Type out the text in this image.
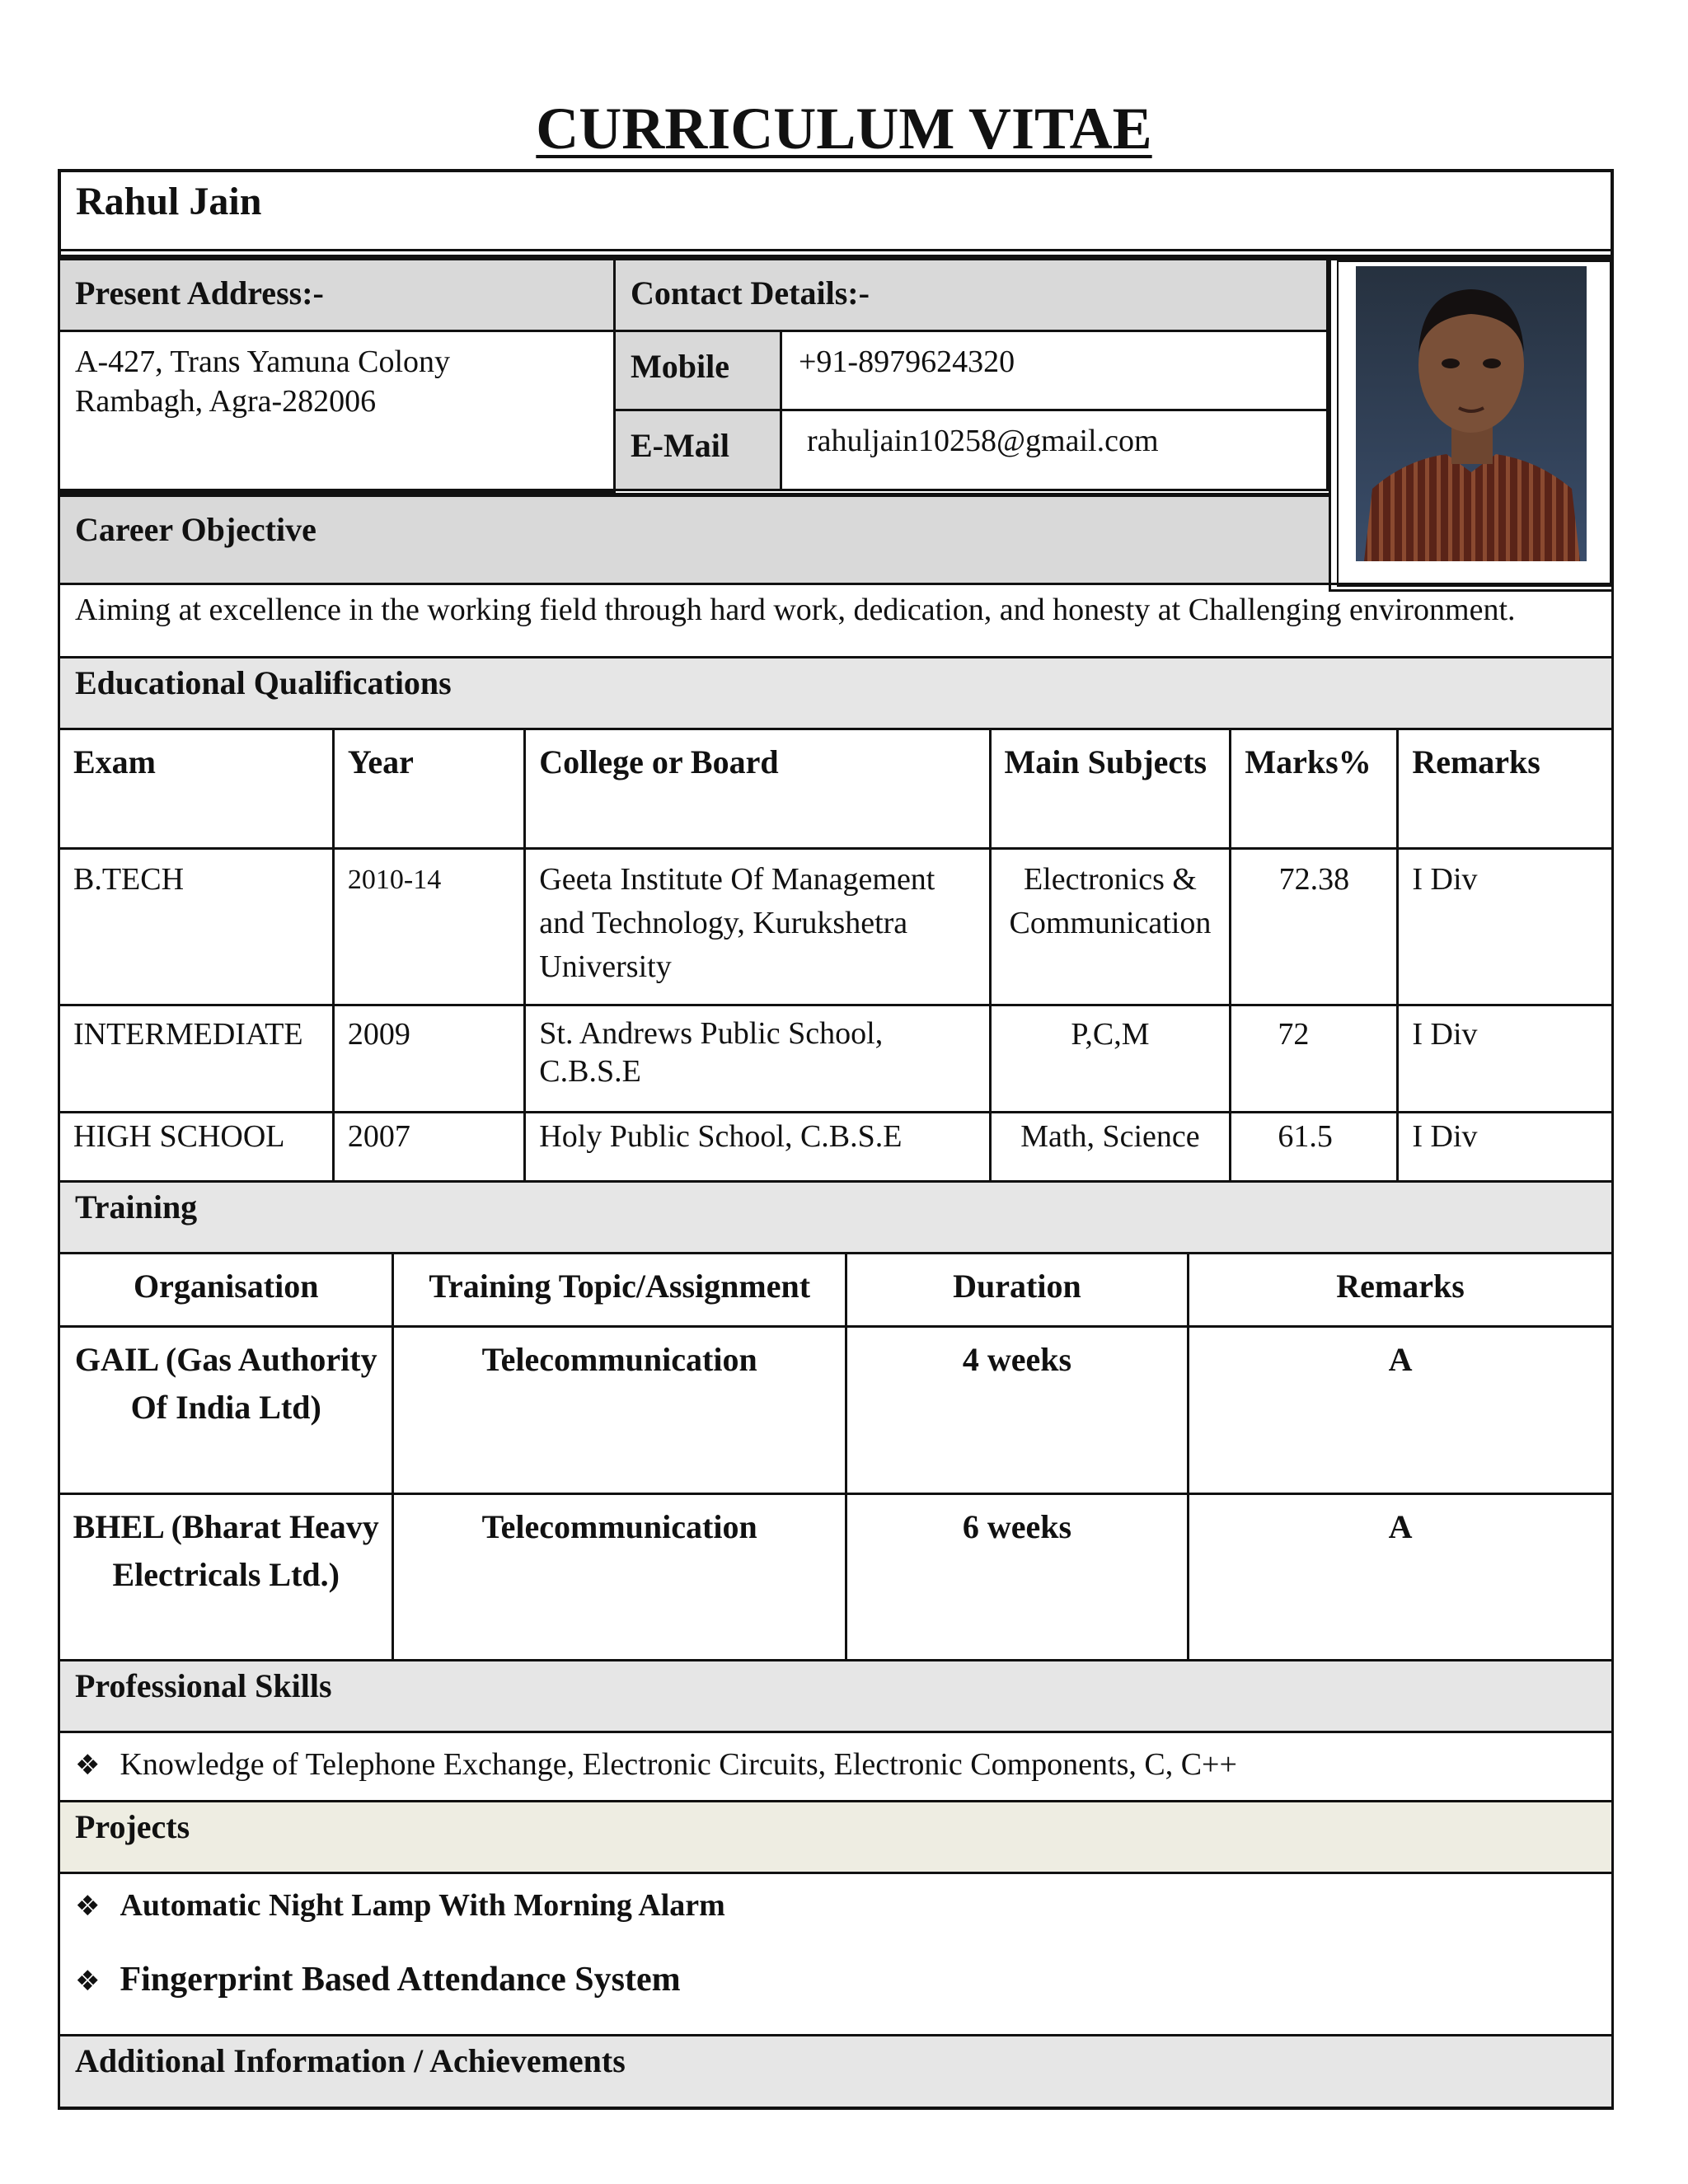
CURRICULUM VITAE
Rahul Jain
Present Address:-
A-427, Trans Yamuna Colony
Rambagh, Agra-282006
Contact Details:-
Mobile	+91-8979624320
E-Mail	rahuljain10258@gmail.com
Career Objective
Aiming at excellence in the working field through hard work, dedication, and honesty at Challenging environment.
Educational Qualifications
Exam	Year	College or Board	Main Subjects	Marks%	Remarks
B.TECH	2010-14	Geeta Institute Of Management and Technology, Kurukshetra University	Electronics & Communication	72.38	I Div
INTERMEDIATE	2009	St. Andrews Public School, C.B.S.E	P,C,M	72	I Div
HIGH SCHOOL	2007	Holy Public School, C.B.S.E	Math, Science	61.5	I Div
Training
Organisation	Training Topic/Assignment	Duration	Remarks
GAIL (Gas Authority Of India Ltd)	Telecommunication	4 weeks	A
BHEL (Bharat Heavy Electricals Ltd.)	Telecommunication	6 weeks	A
Professional Skills
❖ Knowledge of Telephone Exchange, Electronic Circuits, Electronic Components, C, C++
Projects
❖ Automatic Night Lamp With Morning Alarm
❖ Fingerprint Based Attendance System
Additional Information / Achievements
